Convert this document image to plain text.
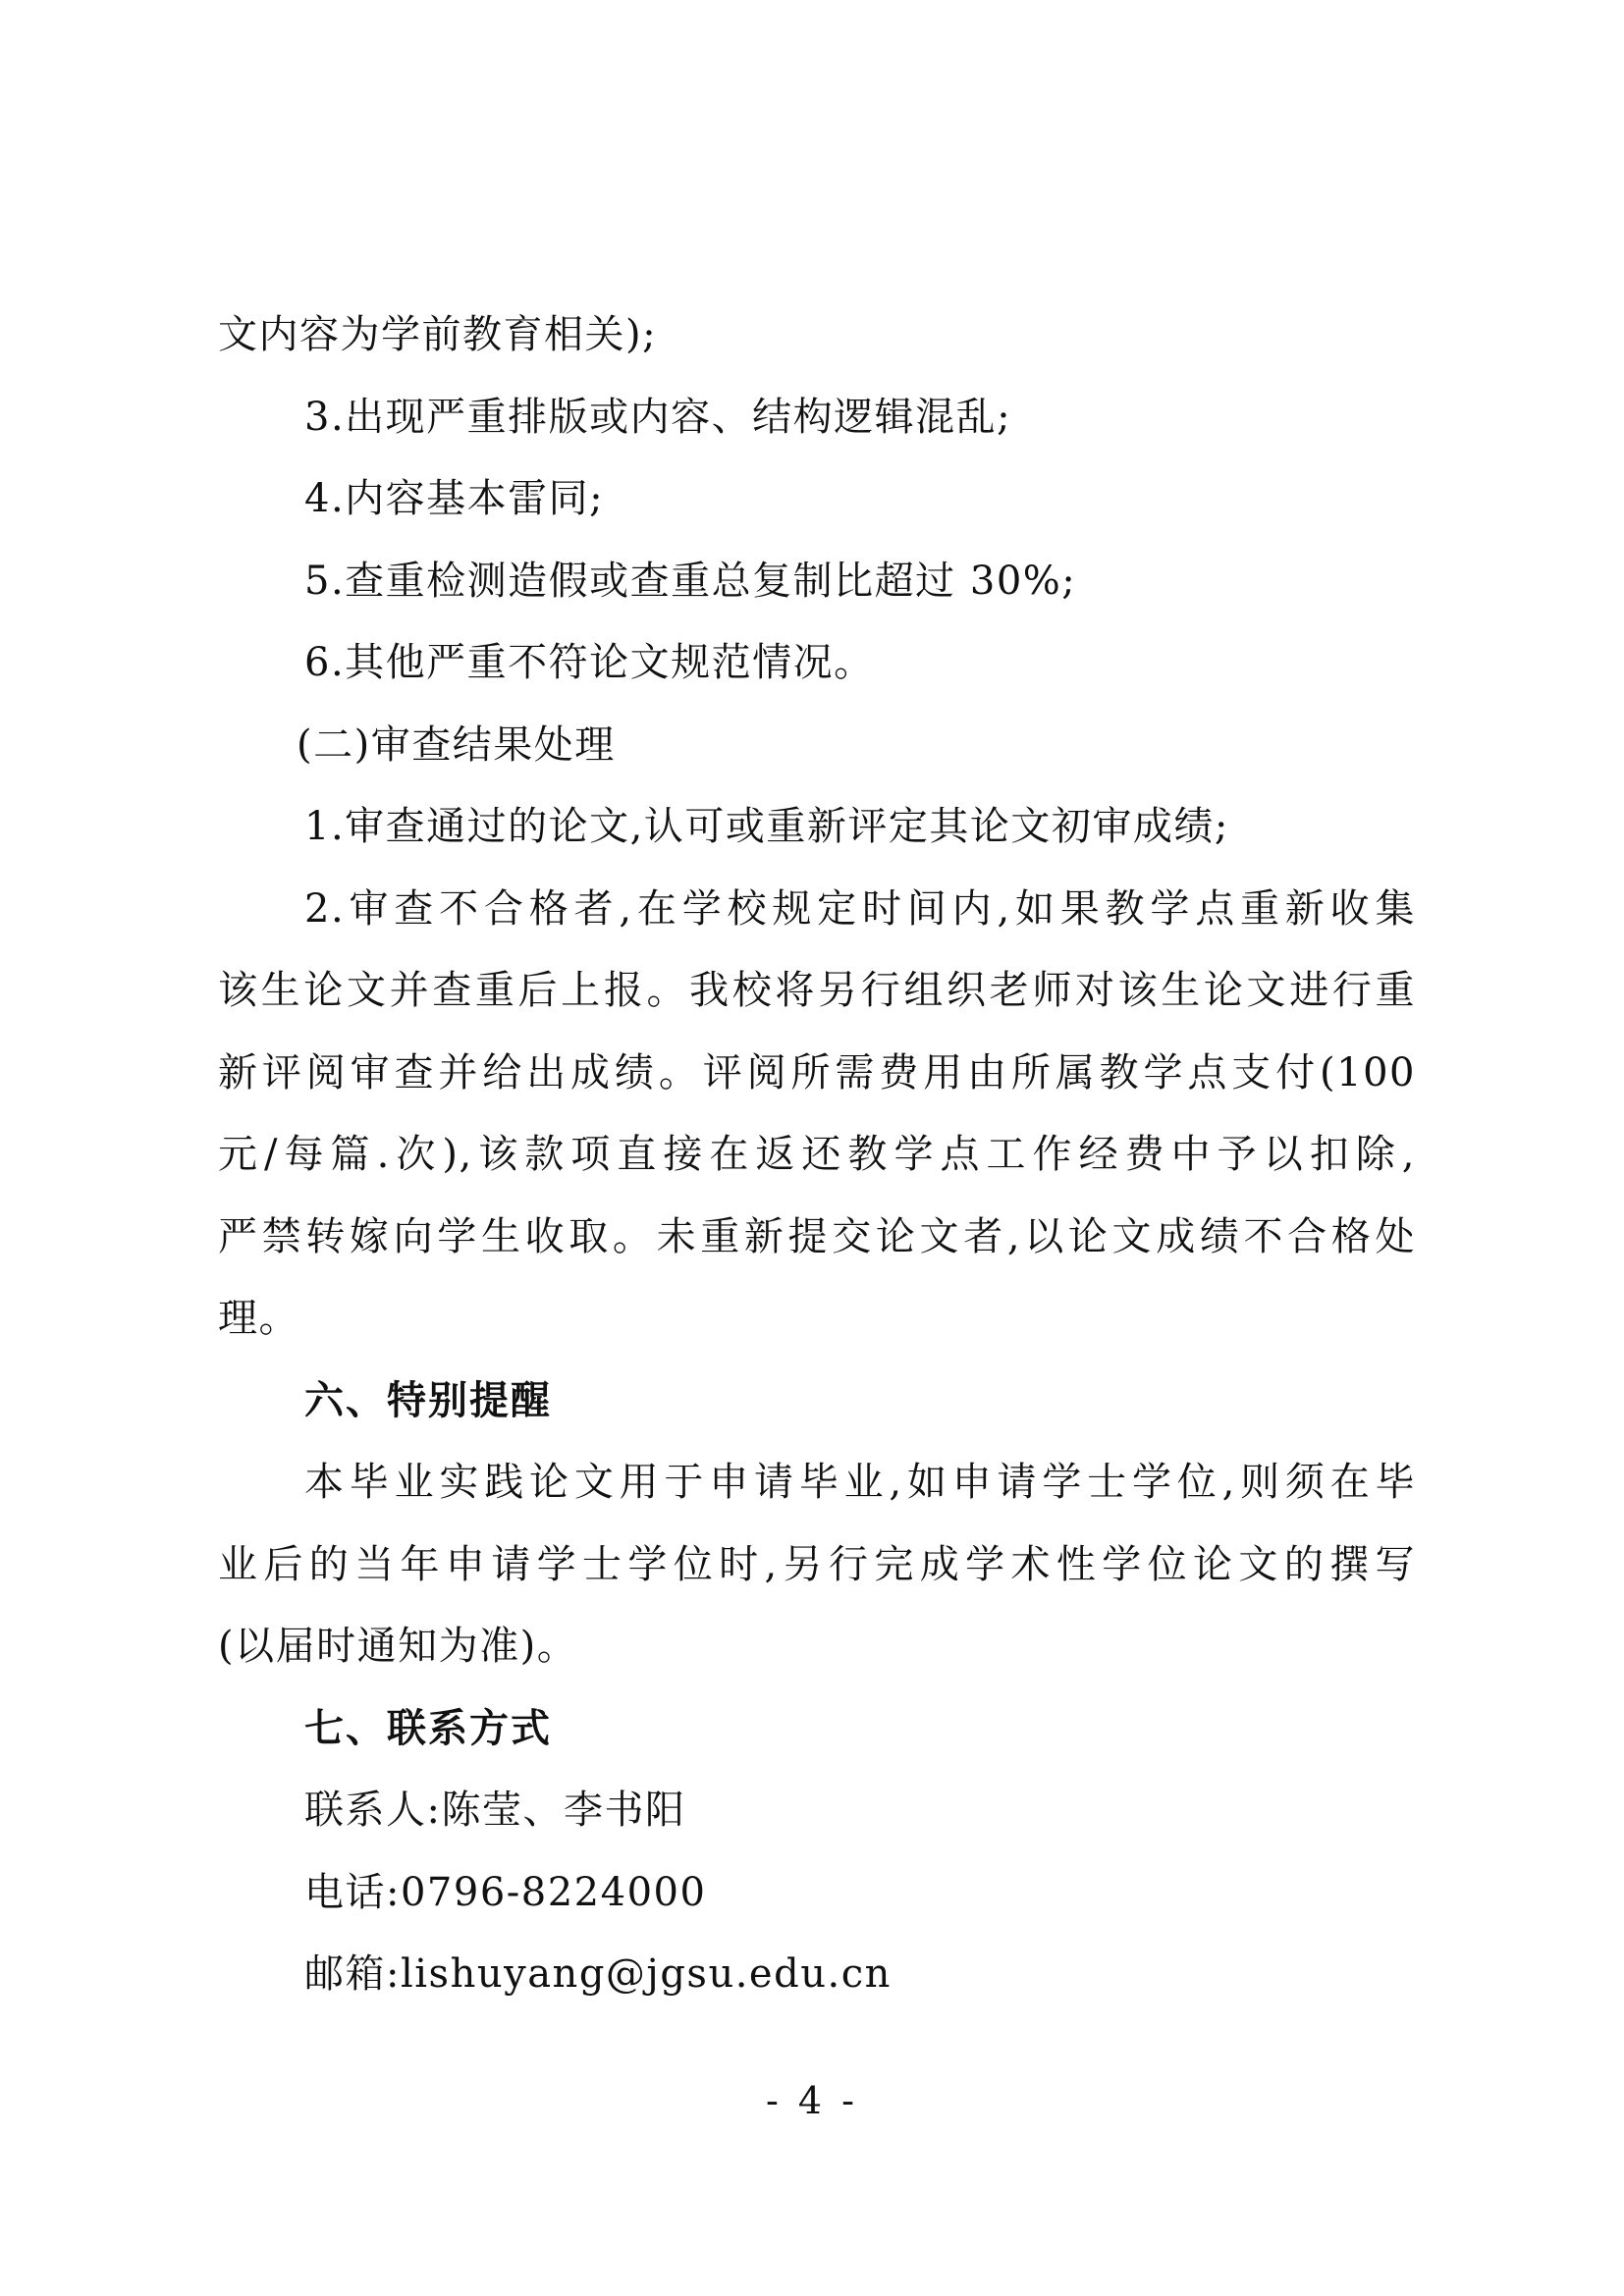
文内容为学前教育相关);
3.出现严重排版或内容、结构逻辑混乱;
4.内容基本雷同;
5.查重检测造假或查重总复制比超过 30%;
6.其他严重不符论文规范情况。
(二)审查结果处理
1.审查通过的论文,认可或重新评定其论文初审成绩;
2.审查不合格者,在学校规定时间内,如果教学点重新收集
该生论文并查重后上报。我校将另行组织老师对该生论文进行重
新评阅审查并给出成绩。评阅所需费用由所属教学点支付(100
元/每篇.次),该款项直接在返还教学点工作经费中予以扣除,
严禁转嫁向学生收取。未重新提交论文者,以论文成绩不合格处
理。
六、特别提醒
本毕业实践论文用于申请毕业,如申请学士学位,则须在毕
业后的当年申请学士学位时,另行完成学术性学位论文的撰写
(以届时通知为准)。
七、联系方式
联系人:陈莹、李书阳
电话:0796-8224000
邮箱:lishuyang@jgsu.edu.cn
- 4 -
